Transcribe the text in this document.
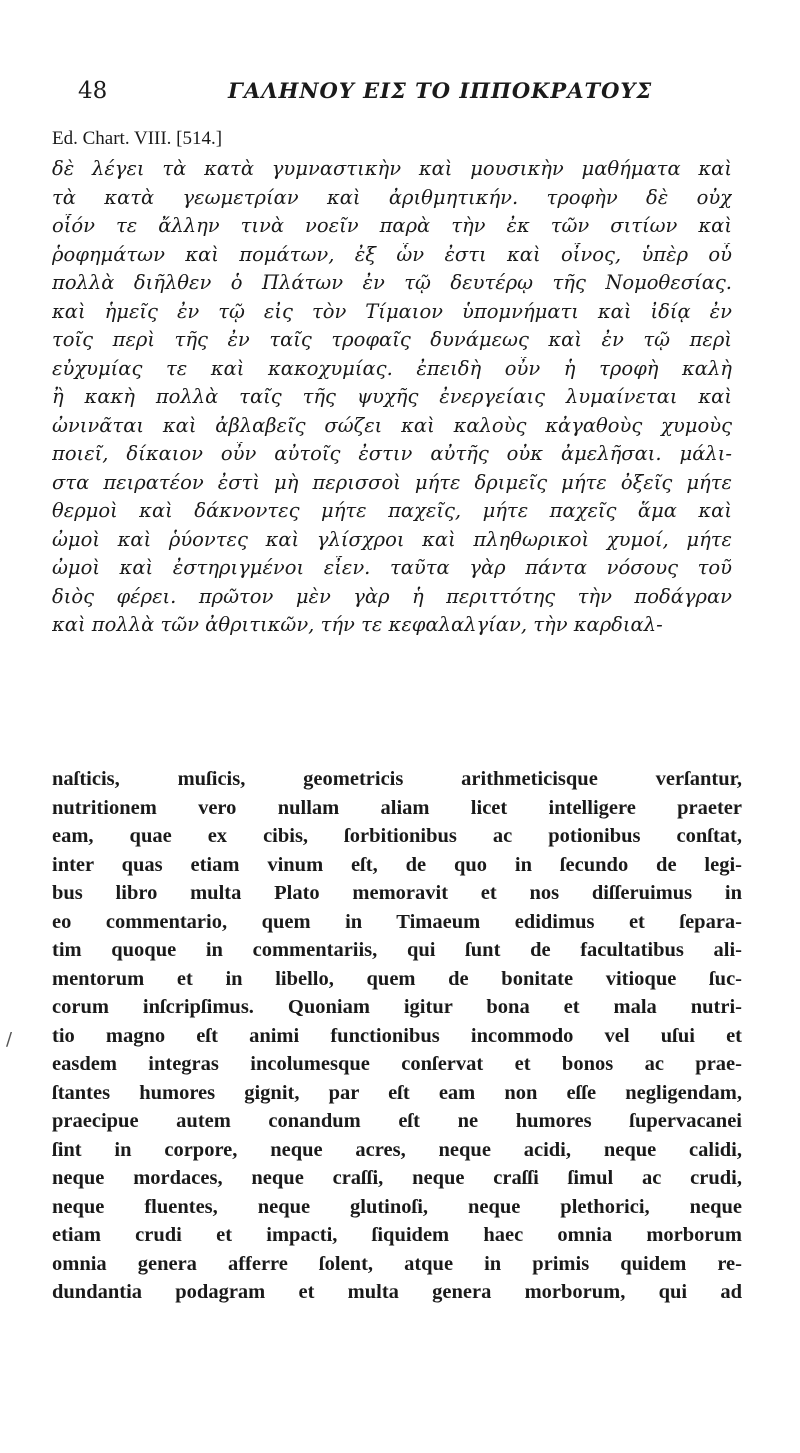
48	ΓΑΛΗΝΟΥ ΕΙΣ ΤΟ ΙΠΠΟΚΡΑΤΟΥΣ
Ed. Chart. VIII. [514.]
δὲ λέγει τὰ κατὰ γυμναστικὴν καὶ μουσικὴν μαθήματα καὶ
τὰ κατὰ γεωμετρίαν καὶ ἀριθμητικήν. τροφὴν δὲ οὐχ
οἷόν τε ἄλλην τινὰ νοεῖν παρὰ τὴν ἐκ τῶν σιτίων καὶ
ῥοφημάτων καὶ πομάτων, ἐξ ὧν ἐστι καὶ οἶνος, ὑπὲρ οὗ
πολλὰ διῆλθεν ὁ Πλάτων ἐν τῷ δευτέρῳ τῆς Νομοθεσίας.
καὶ ἡμεῖς ἐν τῷ εἰς τὸν Τίμαιον ὑπομνήματι καὶ ἰδίᾳ ἐν
τοῖς περὶ τῆς ἐν ταῖς τροφαῖς δυνάμεως καὶ ἐν τῷ περὶ
εὐχυμίας τε καὶ κακοχυμίας. ἐπειδὴ οὖν ἡ τροφὴ καλὴ
ἢ κακὴ πολλὰ ταῖς τῆς ψυχῆς ἐνεργείαις λυμαίνεται καὶ
ὠνινᾶται καὶ ἀβλαβεῖς σώζει καὶ καλοὺς κἀγαθοὺς χυμοὺς
ποιεῖ, δίκαιον οὖν αὐτοῖς ἐστιν αὐτῆς οὐκ ἀμελῆσαι. μάλι-
στα πειρατέον ἐστὶ μὴ περισσοὶ μήτε δριμεῖς μήτε ὀξεῖς μήτε
θερμοὶ καὶ δάκνοντες μήτε παχεῖς, μήτε παχεῖς ἅμα καὶ
ὠμοὶ καὶ ῥύοντες καὶ γλίσχροι καὶ πληθωρικοὶ χυμοί, μήτε
ὠμοὶ καὶ ἐστηριγμένοι εἶεν. ταῦτα γὰρ πάντα νόσους τοῦ
διὸς φέρει. πρῶτον μὲν γὰρ ἡ περιττότης τὴν ποδάγραν
καὶ πολλὰ τῶν ἀθριτικῶν, τήν τε κεφαλαλγίαν, τὴν καρδιαλ-
/
naſticis, muſicis, geometricis arithmeticisque verſantur,
nutritionem vero nullam aliam licet intelligere praeter
eam, quae ex cibis, ſorbitionibus ac potionibus conſtat,
inter quas etiam vinum eſt, de quo in ſecundo de legi-
bus libro multa Plato memoravit et nos diſſeruimus in
eo commentario, quem in Timaeum edidimus et ſepara-
tim quoque in commentariis, qui ſunt de facultatibus ali-
mentorum et in libello, quem de bonitate vitioque ſuc-
corum inſcripſimus. Quoniam igitur bona et mala nutri-
tio magno eſt animi functionibus incommodo vel uſui et
easdem integras incolumesque conſervat et bonos ac prae-
ſtantes humores gignit, par eſt eam non eſſe negligendam,
praecipue autem conandum eſt ne humores ſupervacanei
ſint in corpore, neque acres, neque acidi, neque calidi,
neque mordaces, neque craſſi, neque craſſi ſimul ac crudi,
neque fluentes, neque glutinoſi, neque plethorici, neque
etiam crudi et impacti, ſiquidem haec omnia morborum
omnia genera afferre ſolent, atque in primis quidem re-
dundantia podagram et multa genera morborum, qui ad
